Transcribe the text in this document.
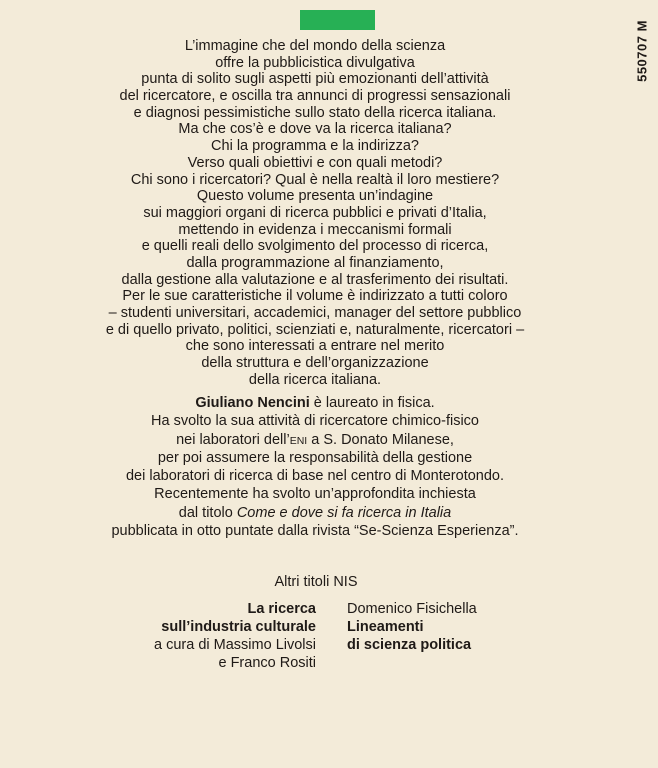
550707 M
L’immagine che del mondo della scienza
offre la pubblicistica divulgativa
punta di solito sugli aspetti più emozionanti dell’attività
del ricercatore, e oscilla tra annunci di progressi sensazionali
e diagnosi pessimistiche sullo stato della ricerca italiana.
Ma che cos’è e dove va la ricerca italiana?
Chi la programma e la indirizza?
Verso quali obiettivi e con quali metodi?
Chi sono i ricercatori? Qual è nella realtà il loro mestiere?
Questo volume presenta un’indagine
sui maggiori organi di ricerca pubblici e privati d’Italia,
mettendo in evidenza i meccanismi formali
e quelli reali dello svolgimento del processo di ricerca,
dalla programmazione al finanziamento,
dalla gestione alla valutazione e al trasferimento dei risultati.
Per le sue caratteristiche il volume è indirizzato a tutti coloro
– studenti universitari, accademici, manager del settore pubblico
e di quello privato, politici, scienziati e, naturalmente, ricercatori –
che sono interessati a entrare nel merito
della struttura e dell’organizzazione
della ricerca italiana.
Giuliano Nencini è laureato in fisica.
Ha svolto la sua attività di ricercatore chimico-fisico
nei laboratori dell’ENI a S. Donato Milanese,
per poi assumere la responsabilità della gestione
dei laboratori di ricerca di base nel centro di Monterotondo.
Recentemente ha svolto un’approfondita inchiesta
dal titolo Come e dove si fa ricerca in Italia
pubblicata in otto puntate dalla rivista “Se-Scienza Esperienza”.
Altri titoli NIS
La ricerca
sull’industria culturale
a cura di Massimo Livolsi
e Franco Rositi
Domenico Fisichella
Lineamenti
di scienza politica
